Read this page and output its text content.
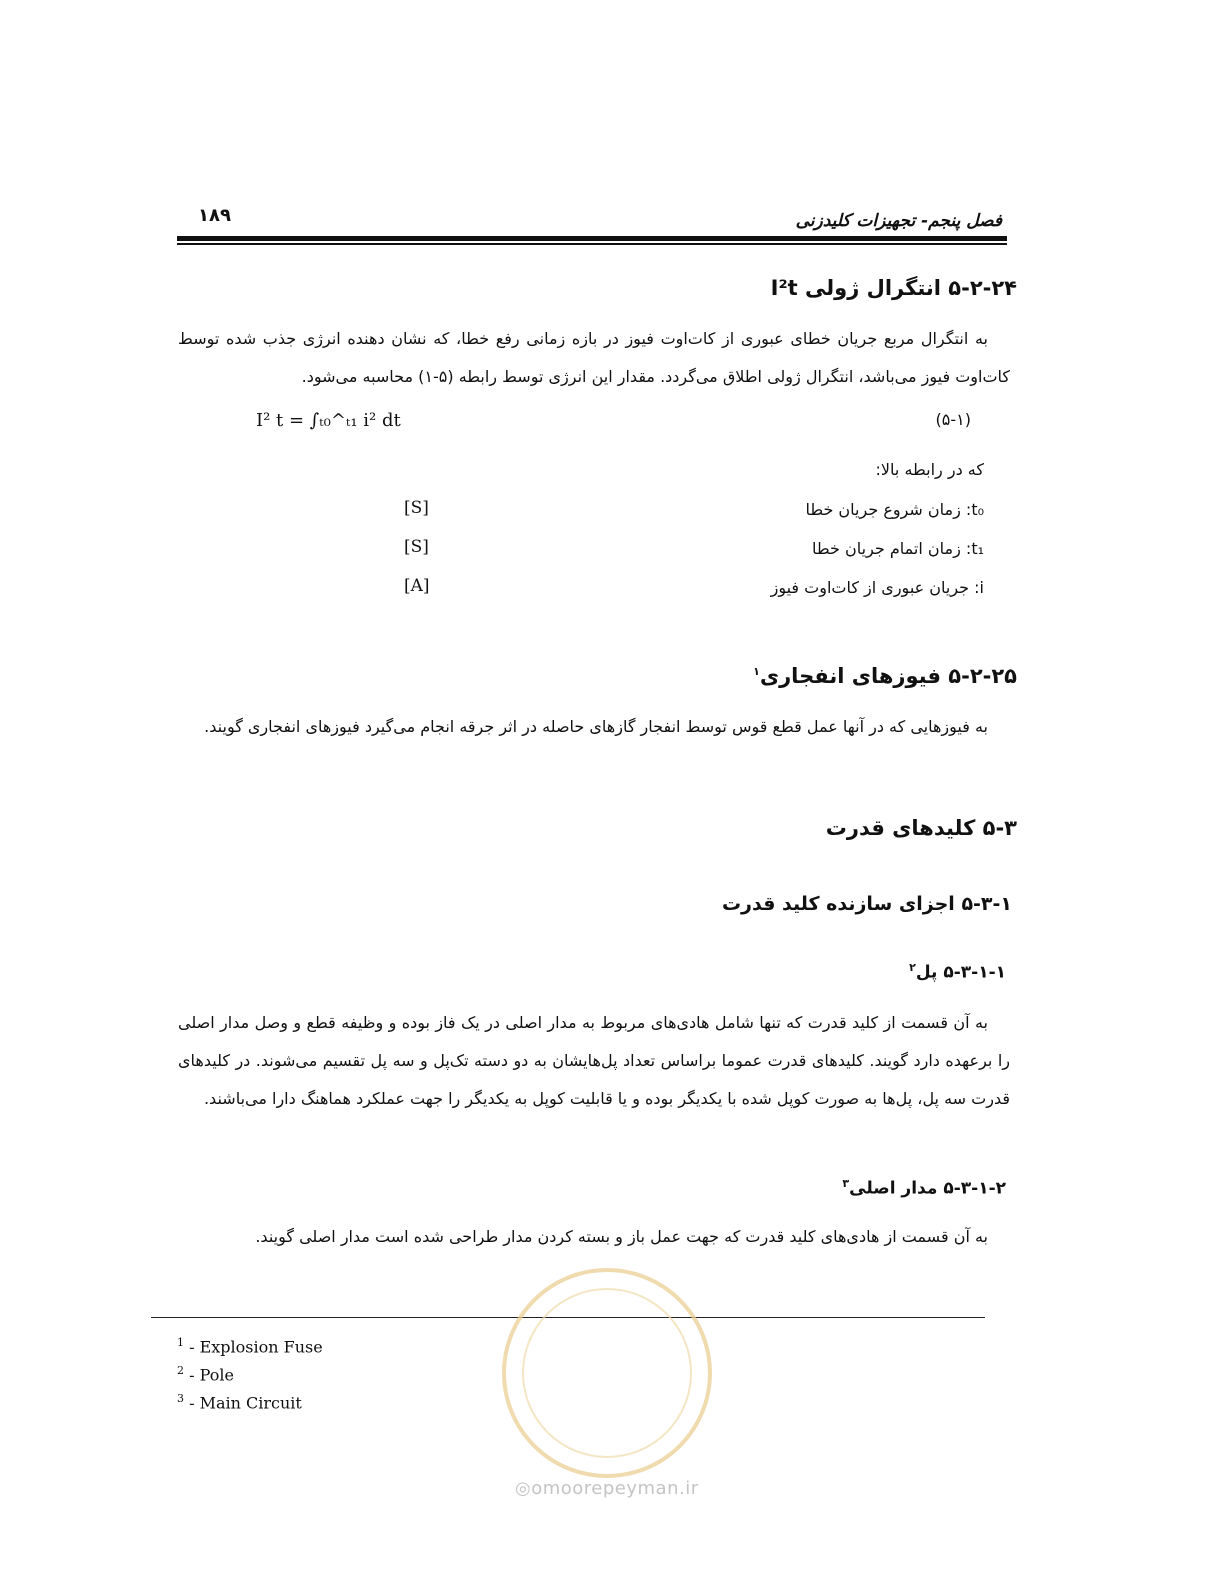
فصل پنجم- تجهیزات کلیدزنی
۱۸۹
۵-۲-۲۴ انتگرال ژولی I²t
به انتگرال مربع جریان خطای عبوری از کات‌اوت فیوز در بازه زمانی رفع خطا، که نشان دهنده انرژی جذب شده توسط کات‌اوت فیوز می‌باشد، انتگرال ژولی اطلاق می‌گردد. مقدار این انرژی توسط رابطه (۵-۱) محاسبه می‌شود.
I² t = ∫ₜ₀^ₜ₁ i² dt	(۵-۱)
که در رابطه بالا:
t₀: زمان شروع جریان خطا
[S]
t₁: زمان اتمام جریان خطا
[S]
i: جریان عبوری از کات‌اوت فیوز
[A]
۵-۲-۲۵ فیوزهای انفجاری$^۱$
به فیوزهایی که در آنها عمل قطع قوس توسط انفجار گازهای حاصله در اثر جرقه انجام می‌گیرد فیوزهای انفجاری گویند.
۵-۳ کلیدهای قدرت
۵-۳-۱ اجزای سازنده کلید قدرت
۵-۳-۱-۱ پل$^۲$
به آن قسمت از کلید قدرت که تنها شامل هادی‌های مربوط به مدار اصلی در یک فاز بوده و وظیفه قطع و وصل مدار اصلی را برعهده دارد گویند. کلیدهای قدرت عموما براساس تعداد پل‌هایشان به دو دسته تک‌پل و سه پل تقسیم می‌شوند. در کلیدهای قدرت سه پل، پل‌ها به صورت کوپل شده با یکدیگر بوده و یا قابلیت کوپل به یکدیگر را جهت عملکرد هماهنگ دارا می‌باشند.
۵-۳-۱-۲ مدار اصلی$^۳$
به آن قسمت از هادی‌های کلید قدرت که جهت عمل باز و بسته کردن مدار طراحی شده است مدار اصلی گویند.
$^1$ - Explosion Fuse
$^2$ - Pole
$^3$ - Main Circuit
◎omoorepeyman.ir
